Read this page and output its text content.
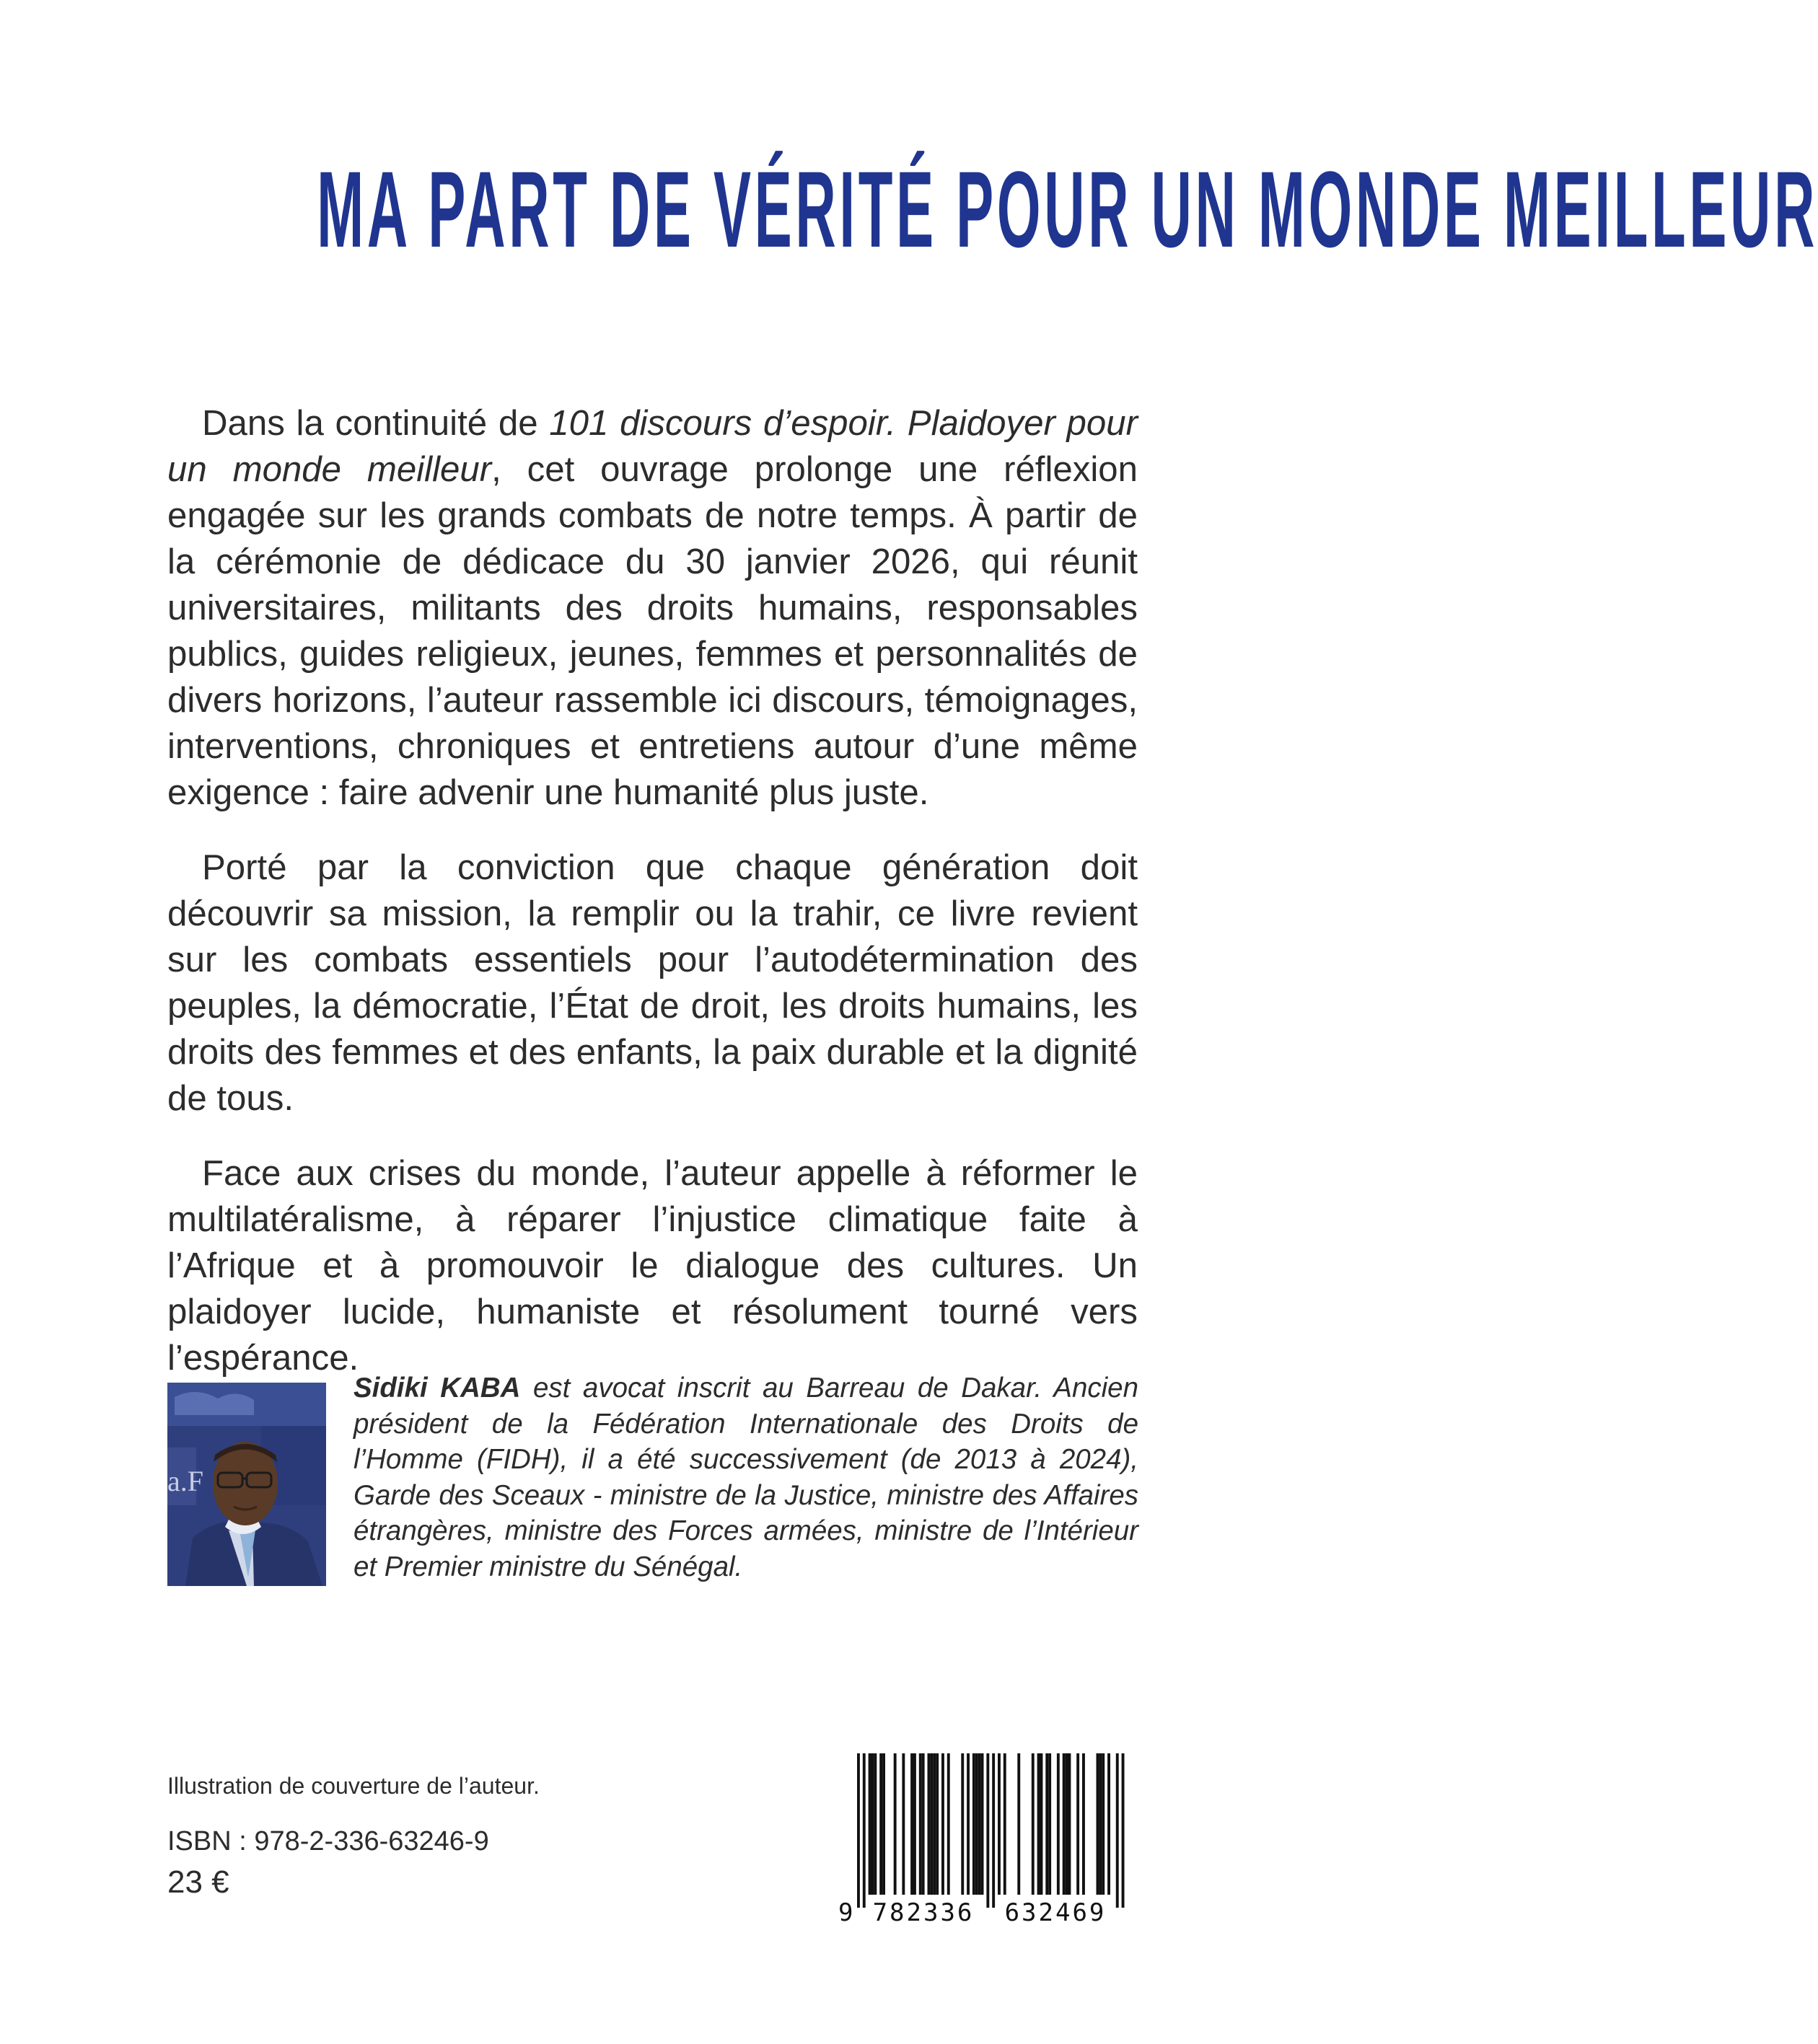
MA PART DE VÉRITÉ POUR UN MONDE MEILLEUR

Dans la continuité de 101 discours d’espoir. Plaidoyer pour un monde meilleur, cet ouvrage prolonge une réflexion engagée sur les grands combats de notre temps. À partir de la cérémonie de dédicace du 30 janvier 2026, qui réunit universitaires, militants des droits humains, responsables publics, guides religieux, jeunes, femmes et personnalités de divers horizons, l’auteur rassemble ici discours, témoignages, interventions, chroniques et entretiens autour d’une même exigence : faire advenir une humanité plus juste.

Porté par la conviction que chaque génération doit découvrir sa mission, la remplir ou la trahir, ce livre revient sur les combats essentiels pour l’autodétermination des peuples, la démocratie, l’État de droit, les droits humains, les droits des femmes et des enfants, la paix durable et la dignité de tous.

Face aux crises du monde, l’auteur appelle à réformer le multilatéralisme, à réparer l’injustice climatique faite à l’Afrique et à promouvoir le dialogue des cultures. Un plaidoyer lucide, humaniste et résolument tourné vers l’espérance.

a.F
Sidiki KABA est avocat inscrit au Barreau de Dakar. Ancien président de la Fédération Internationale des Droits de l’Homme (FIDH), il a été successivement (de 2013 à 2024), Garde des Sceaux - ministre de la Justice, ministre des Affaires étrangères, ministre des Forces armées, ministre de l’Intérieur et Premier ministre du Sénégal.
Illustration de couverture de l’auteur.
ISBN : 978-2-336-63246-9
23 €
9 782336 632469
